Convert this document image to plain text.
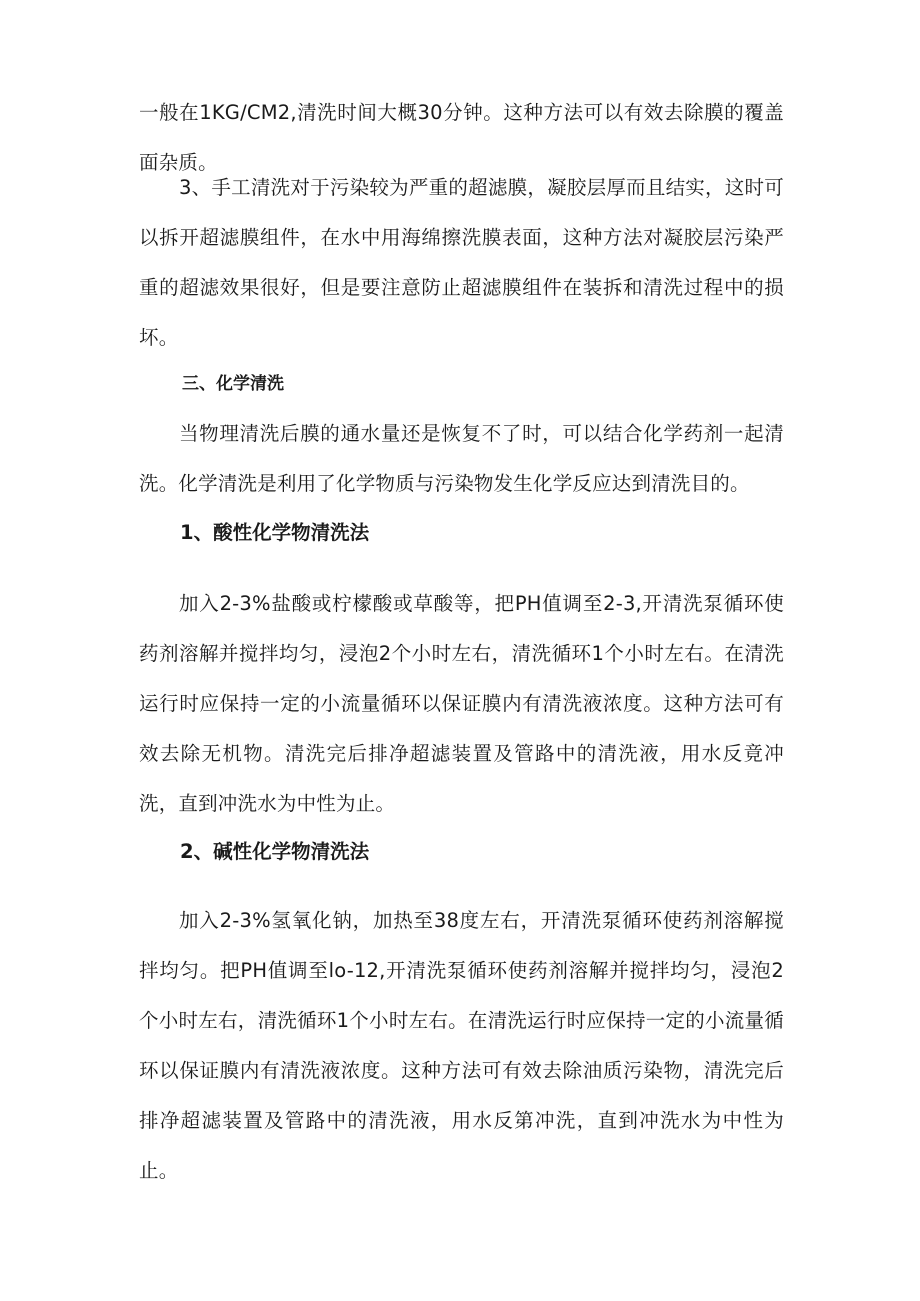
一般在1KG/CM2,清洗时间大概30分钟。这种方法可以有效去除膜的覆盖面杂质。

3、手工清洗对于污染较为严重的超滤膜，凝胶层厚而且结实，这时可以拆开超滤膜组件，在水中用海绵擦洗膜表面，这种方法对凝胶层污染严重的超滤效果很好，但是要注意防止超滤膜组件在装拆和清洗过程中的损坏。

三、化学清洗

当物理清洗后膜的通水量还是恢复不了时，可以结合化学药剂一起清洗。化学清洗是利用了化学物质与污染物发生化学反应达到清洗目的。

1、酸性化学物清洗法

加入2-3%盐酸或柠檬酸或草酸等，把PH值调至2-3,开清洗泵循环使药剂溶解并搅拌均匀，浸泡2个小时左右，清洗循环1个小时左右。在清洗运行时应保持一定的小流量循环以保证膜内有清洗液浓度。这种方法可有效去除无机物。清洗完后排净超滤装置及管路中的清洗液，用水反竟冲洗，直到冲洗水为中性为止。

2、碱性化学物清洗法

加入2-3%氢氧化钠，加热至38度左右，开清洗泵循环使药剂溶解搅拌均匀。把PH值调至lo-12,开清洗泵循环使药剂溶解并搅拌均匀，浸泡2个小时左右，清洗循环1个小时左右。在清洗运行时应保持一定的小流量循环以保证膜内有清洗液浓度。这种方法可有效去除油质污染物，清洗完后排净超滤装置及管路中的清洗液，用水反第冲洗，直到冲洗水为中性为止。
